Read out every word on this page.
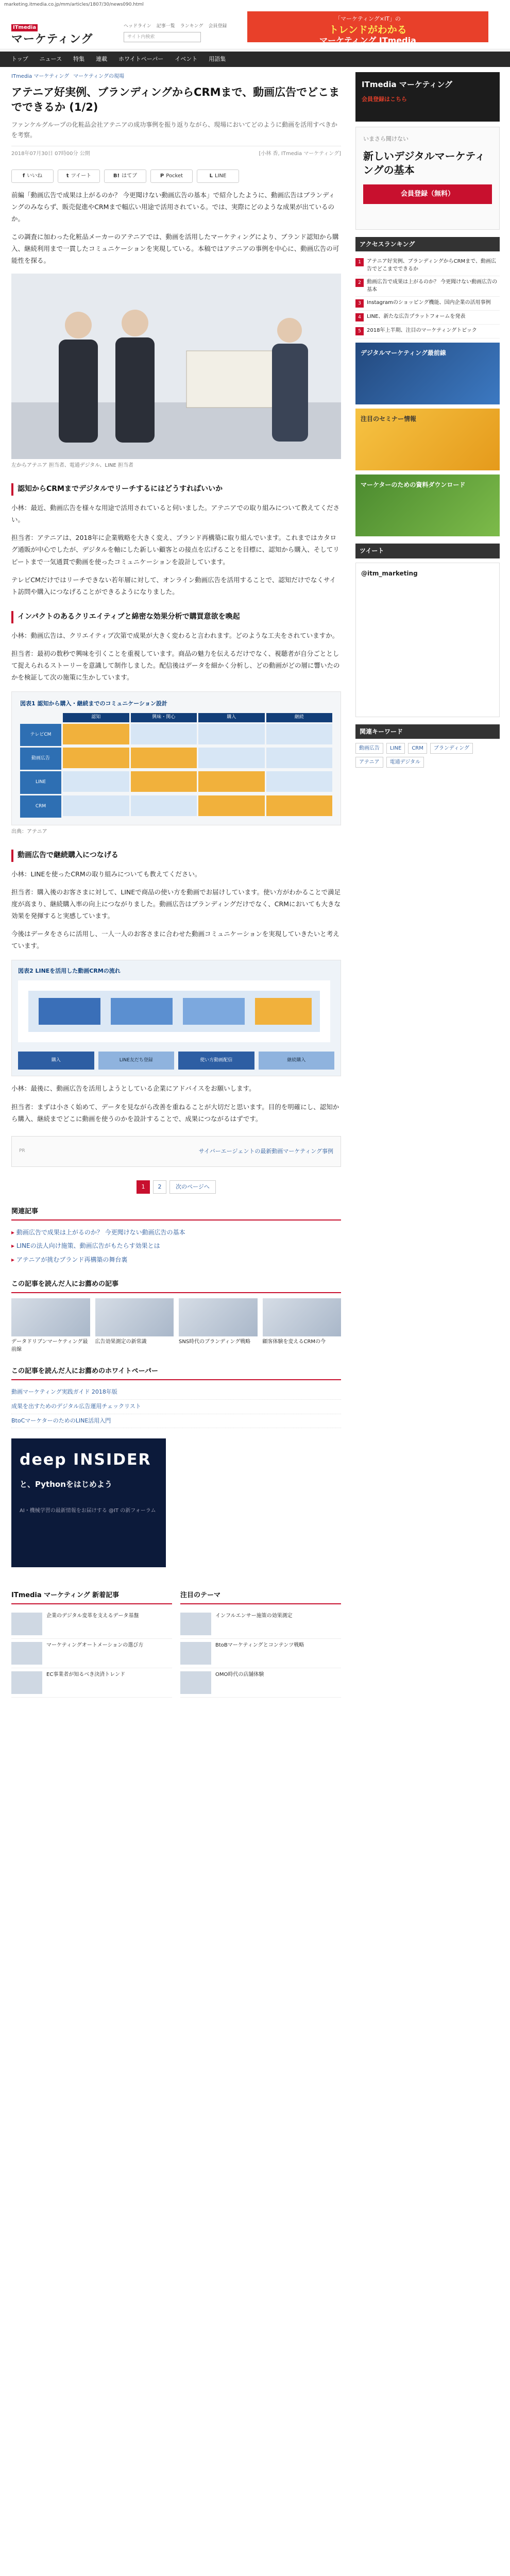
marketing.itmedia.co.jp/mm/articles/1807/30/news090.html
ITmedia
マーケティング
ヘッドライン 記事一覧 ランキング 会員登録
サイト内検索
「マーケティング×IT」の
トレンドがわかる
マーケティング ITmedia
トップ ニュース 特集 連載 ホワイトペーパー イベント 用語集
ITmedia マーケティング マーケティングの現場
アテニア好実例、ブランディングからCRMまで、動画広告でどこまでできるか (1/2)
ファンケルグループの化粧品会社アテニアの成功事例を振り返りながら、現場においてどのように動画を活用すべきかを考察。
2018年07月30日 07時00分 公開	[小林 香, ITmedia マーケティング]
f いいね	t ツイート	B! はてブ	P Pocket	L LINE

前編「動画広告で成果は上がるのか？ 今更聞けない動画広告の基本」で紹介したように、動画広告はブランディングのみならず、販売促進やCRMまで幅広い用途で活用されている。では、実際にどのような成果が出ているのか。

この調査に加わった化粧品メーカーのアテニアでは、動画を活用したマーケティングにより、ブランド認知から購入、継続利用まで一貫したコミュニケーションを実現している。本稿ではアテニアの事例を中心に、動画広告の可能性を探る。

左からアテニア 担当者、電通デジタル、LINE 担当者
認知からCRMまでデジタルでリーチするにはどうすればいいか

小林：最近、動画広告を様々な用途で活用されていると伺いました。アテニアでの取り組みについて教えてください。

担当者：アテニアは、2018年に企業戦略を大きく変え、ブランド再構築に取り組んでいます。これまではカタログ通販が中心でしたが、デジタルを軸にした新しい顧客との接点を広げることを目標に、認知から購入、そしてリピートまで一気通貫で動画を使ったコミュニケーションを設計しています。

テレビCMだけではリーチできない若年層に対して、オンライン動画広告を活用することで、認知だけでなくサイト訪問や購入につなげることができるようになりました。

インパクトのあるクリエイティブと綿密な効果分析で購買意欲を喚起

小林：動画広告は、クリエイティブ次第で成果が大きく変わると言われます。どのような工夫をされていますか。

担当者：最初の数秒で興味を引くことを重視しています。商品の魅力を伝えるだけでなく、視聴者が自分ごととして捉えられるストーリーを意識して制作しました。配信後はデータを細かく分析し、どの動画がどの層に響いたのかを検証して次の施策に生かしています。

図表1 認知から購入・継続までのコミュニケーション設計
認知	興味・関心	購入	継続
テレビCM
動画広告
LINE
CRM
出典：アテニア
動画広告で継続購入につなげる

小林：LINEを使ったCRMの取り組みについても教えてください。

担当者：購入後のお客さまに対して、LINEで商品の使い方を動画でお届けしています。使い方がわかることで満足度が高まり、継続購入率の向上につながりました。動画広告はブランディングだけでなく、CRMにおいても大きな効果を発揮すると実感しています。

今後はデータをさらに活用し、一人一人のお客さまに合わせた動画コミュニケーションを実現していきたいと考えています。

図表2 LINEを活用した動画CRMの流れ
購入	LINE友だち登録	使い方動画配信	継続購入

小林：最後に、動画広告を活用しようとしている企業にアドバイスをお願いします。

担当者：まずは小さく始めて、データを見ながら改善を重ねることが大切だと思います。目的を明確にし、認知から購入、継続までどこに動画を使うのかを設計することで、成果につながるはずです。

PR	サイバーエージェントの最新動画マーケティング事例
1	2	次のページへ
関連記事
▸ 動画広告で成果は上がるのか？ 今更聞けない動画広告の基本
▸ LINEの法人向け施策、動画広告がもたらす効果とは
▸ アテニアが挑むブランド再構築の舞台裏
この記事を読んだ人にお薦めの記事
データドリブンマーケティング最前線
広告効果測定の新常識	SNS時代のブランディング戦略	顧客体験を変えるCRMの今
この記事を読んだ人にお薦めのホワイトペーパー
動画マーケティング実践ガイド 2018年版
成果を出すためのデジタル広告運用チェックリスト
BtoCマーケターのためのLINE活用入門
deep INSIDER
と、Pythonをはじめよう
AI・機械学習の最新情報をお届けする @IT の新フォーラム
ITmedia マーケティング 新着記事
企業のデジタル変革を支えるデータ基盤
マーケティングオートメーションの選び方
EC事業者が知るべき決済トレンド
注目のテーマ
インフルエンサー施策の効果測定
BtoBマーケティングとコンテンツ戦略
OMO時代の店舗体験
ITmedia マーケティング
会員登録はこちら
いまさら聞けない
新しいデジタルマーケティングの基本
会員登録（無料）
アクセスランキング
1	アテニア好実例、ブランディングからCRMまで、動画広告でどこまでできるか
2	動画広告で成果は上がるのか？ 今更聞けない動画広告の基本
3	Instagramのショッピング機能、国内企業の活用事例
4	LINE、新たな広告プラットフォームを発表
5	2018年上半期、注目のマーケティングトピック
デジタルマーケティング最前線
注目のセミナー情報
マーケターのための資料ダウンロード
ツイート
@itm_marketing
関連キーワード
動画広告	LINE	CRM	ブランディング
アテニア	電通デジタル
